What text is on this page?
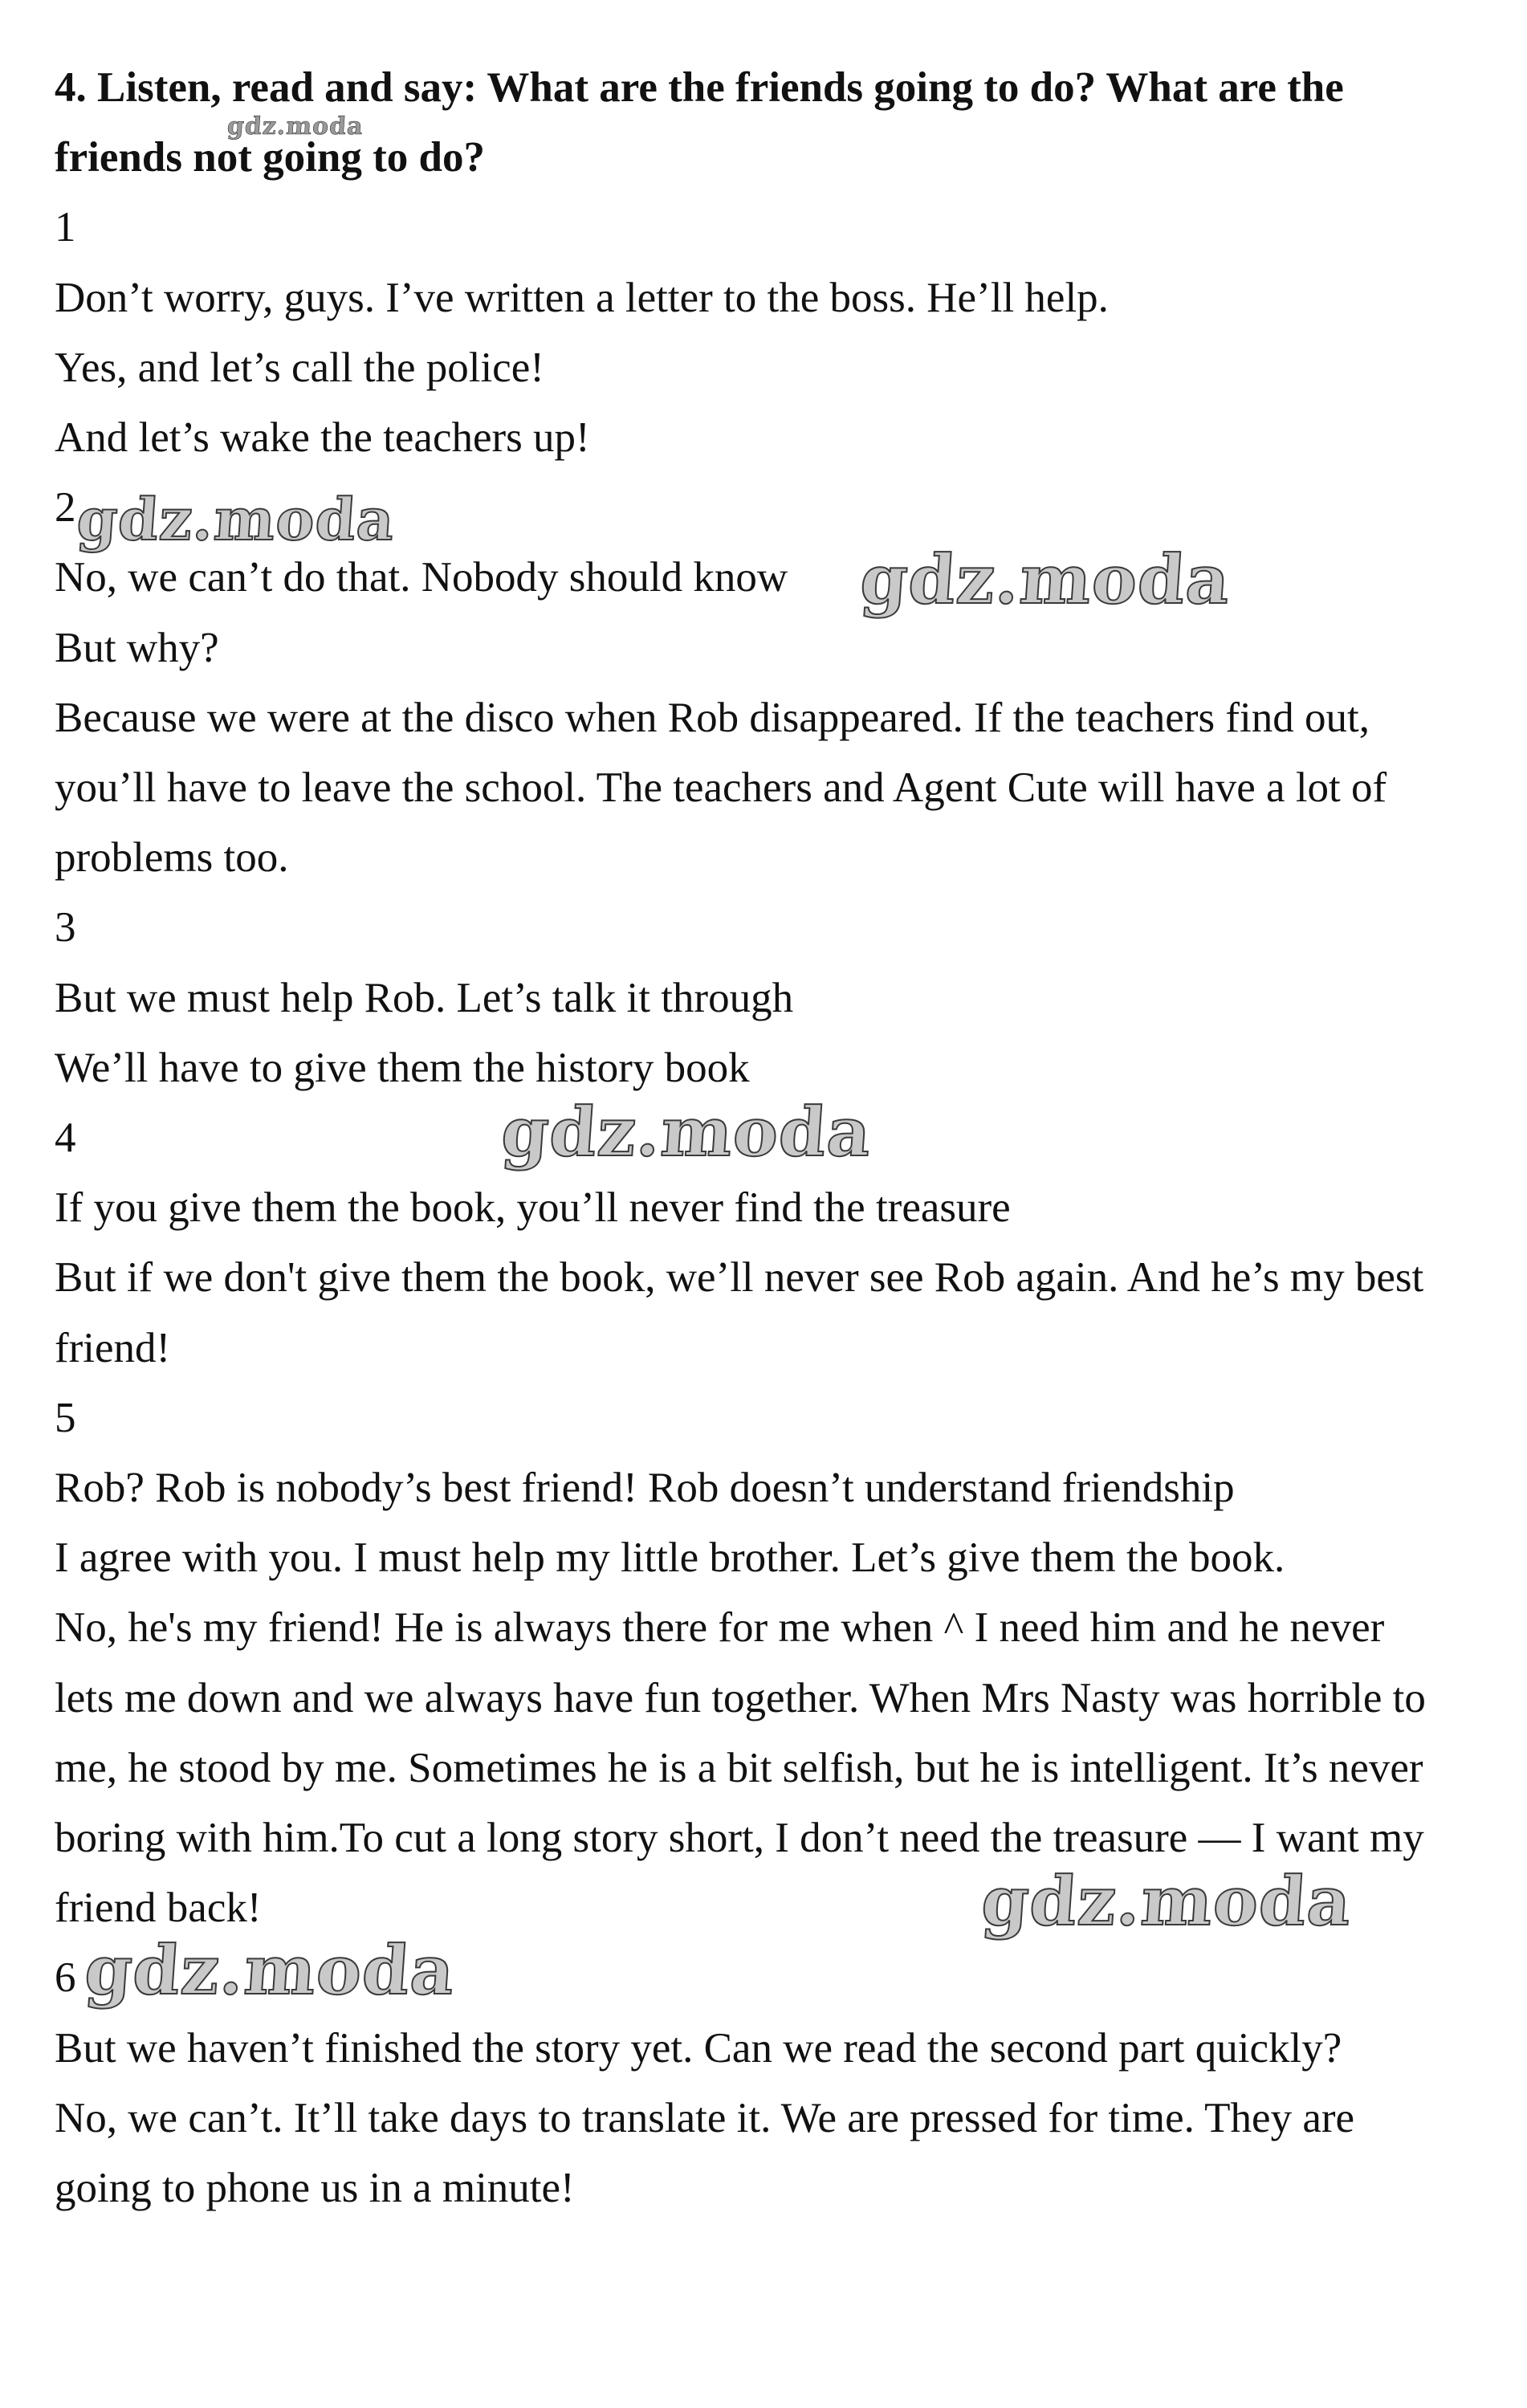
4. Listen, read and say: What are the friends going to do? What are the friends not going to do?

1

Don’t worry, guys. I’ve written a letter to the boss. He’ll help.

Yes, and let’s call the police!

And let’s wake the teachers up!

2

No, we can’t do that. Nobody should know

But why?

Because we were at the disco when Rob disappeared. If the teachers find out, you’ll have to leave the school. The teachers and Agent Cute will have a lot of problems too.

3

But we must help Rob. Let’s talk it through

We’ll have to give them the history book

4

If you give them the book, you’ll never find the treasure

But if we don't give them the book, we’ll never see Rob again. And he’s my best friend!

5

Rob? Rob is nobody’s best friend! Rob doesn’t understand friendship

I agree with you. I must help my little brother. Let’s give them the book.

No, he's my friend! He is always there for me when ^ I need him and he never lets me down and we always have fun together. When Mrs Nasty was horrible to me, he stood by me. Sometimes he is a bit selfish, but he is intelligent. It’s never boring with him.To cut a long story short, I don’t need the treasure — I want my friend back!

6

But we haven’t finished the story yet. Can we read the second part quickly?

No, we can’t. It’ll take days to translate it. We are pressed for time. They are going to phone us in a minute!

gdz.moda
gdz.moda
gdz.moda
gdz.moda
gdz.moda
gdz.moda
